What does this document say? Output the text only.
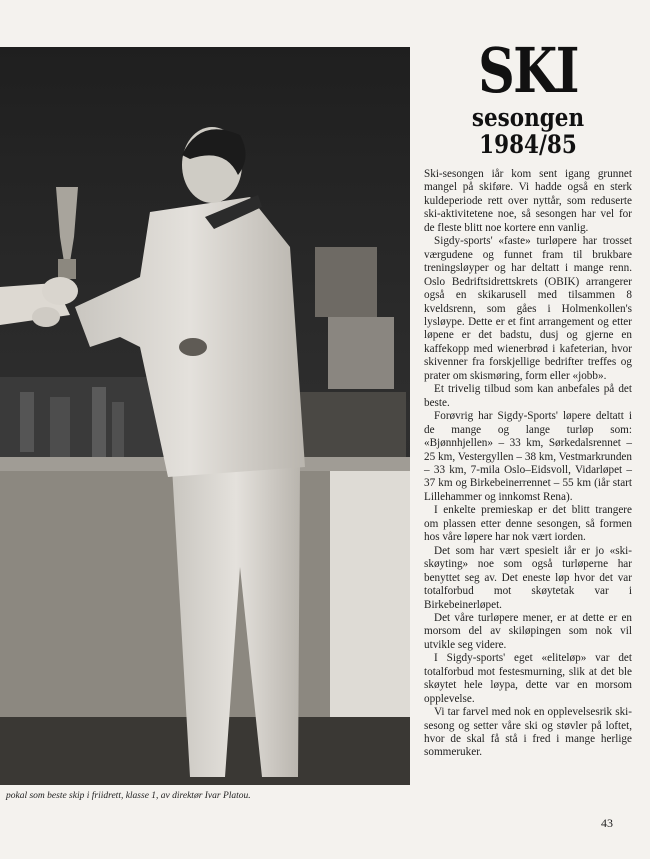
pokal som beste skip i friidrett, klasse 1, av direktør Ivar Platou.
SKI
sesongen
1984/85

Ski-sesongen iår kom sent igang grunnet mangel på skiføre. Vi hadde også en sterk kuldeperiode rett over nyttår, som reduserte ski-aktivitetene noe, så sesongen har vel for de fleste blitt noe kortere enn vanlig.

Sigdy-sports' «faste» turløpere har trosset værgudene og funnet fram til brukbare treningsløyper og har deltatt i mange renn. Oslo Bedriftsidrettskrets (OBIK) arrangerer også en skikarusell med tilsammen 8 kveldsrenn, som gåes i Holmenkollen's lysløype. Dette er et fint arrangement og etter løpene er det badstu, dusj og gjerne en kaffekopp med wienerbrød i kafeterian, hvor skivenner fra forskjellige bedrifter treffes og prater om skismøring, form eller «jobb».

Et trivelig tilbud som kan anbefales på det beste.

Forøvrig har Sigdy-Sports' løpere deltatt i de mange og lange turløp som: «Bjønnhjellen» – 33 km, Sørkedalsrennet – 25 km, Vestergyllen – 38 km, Vestmarkrunden – 33 km, 7-mila Oslo–Eidsvoll, Vidarløpet – 37 km og Birkebeinerrennet – 55 km (iår start Lillehammer og innkomst Rena).

I enkelte premieskap er det blitt trangere om plassen etter denne sesongen, så formen hos våre løpere har nok vært iorden.

Det som har vært spesielt iår er jo «ski-skøyting» noe som også turløperne har benyttet seg av. Det eneste løp hvor det var totalforbud mot skøytetak var i Birkebeinerløpet.

Det våre turløpere mener, er at dette er en morsom del av skiløpingen som nok vil utvikle seg videre.

I Sigdy-sports' eget «eliteløp» var det totalforbud mot festesmurning, slik at det ble skøytet hele løypa, dette var en morsom opplevelse.

Vi tar farvel med nok en opplevelsesrik ski-sesong og setter våre ski og støvler på loftet, hvor de skal få stå i fred i mange herlige sommeruker.

43
